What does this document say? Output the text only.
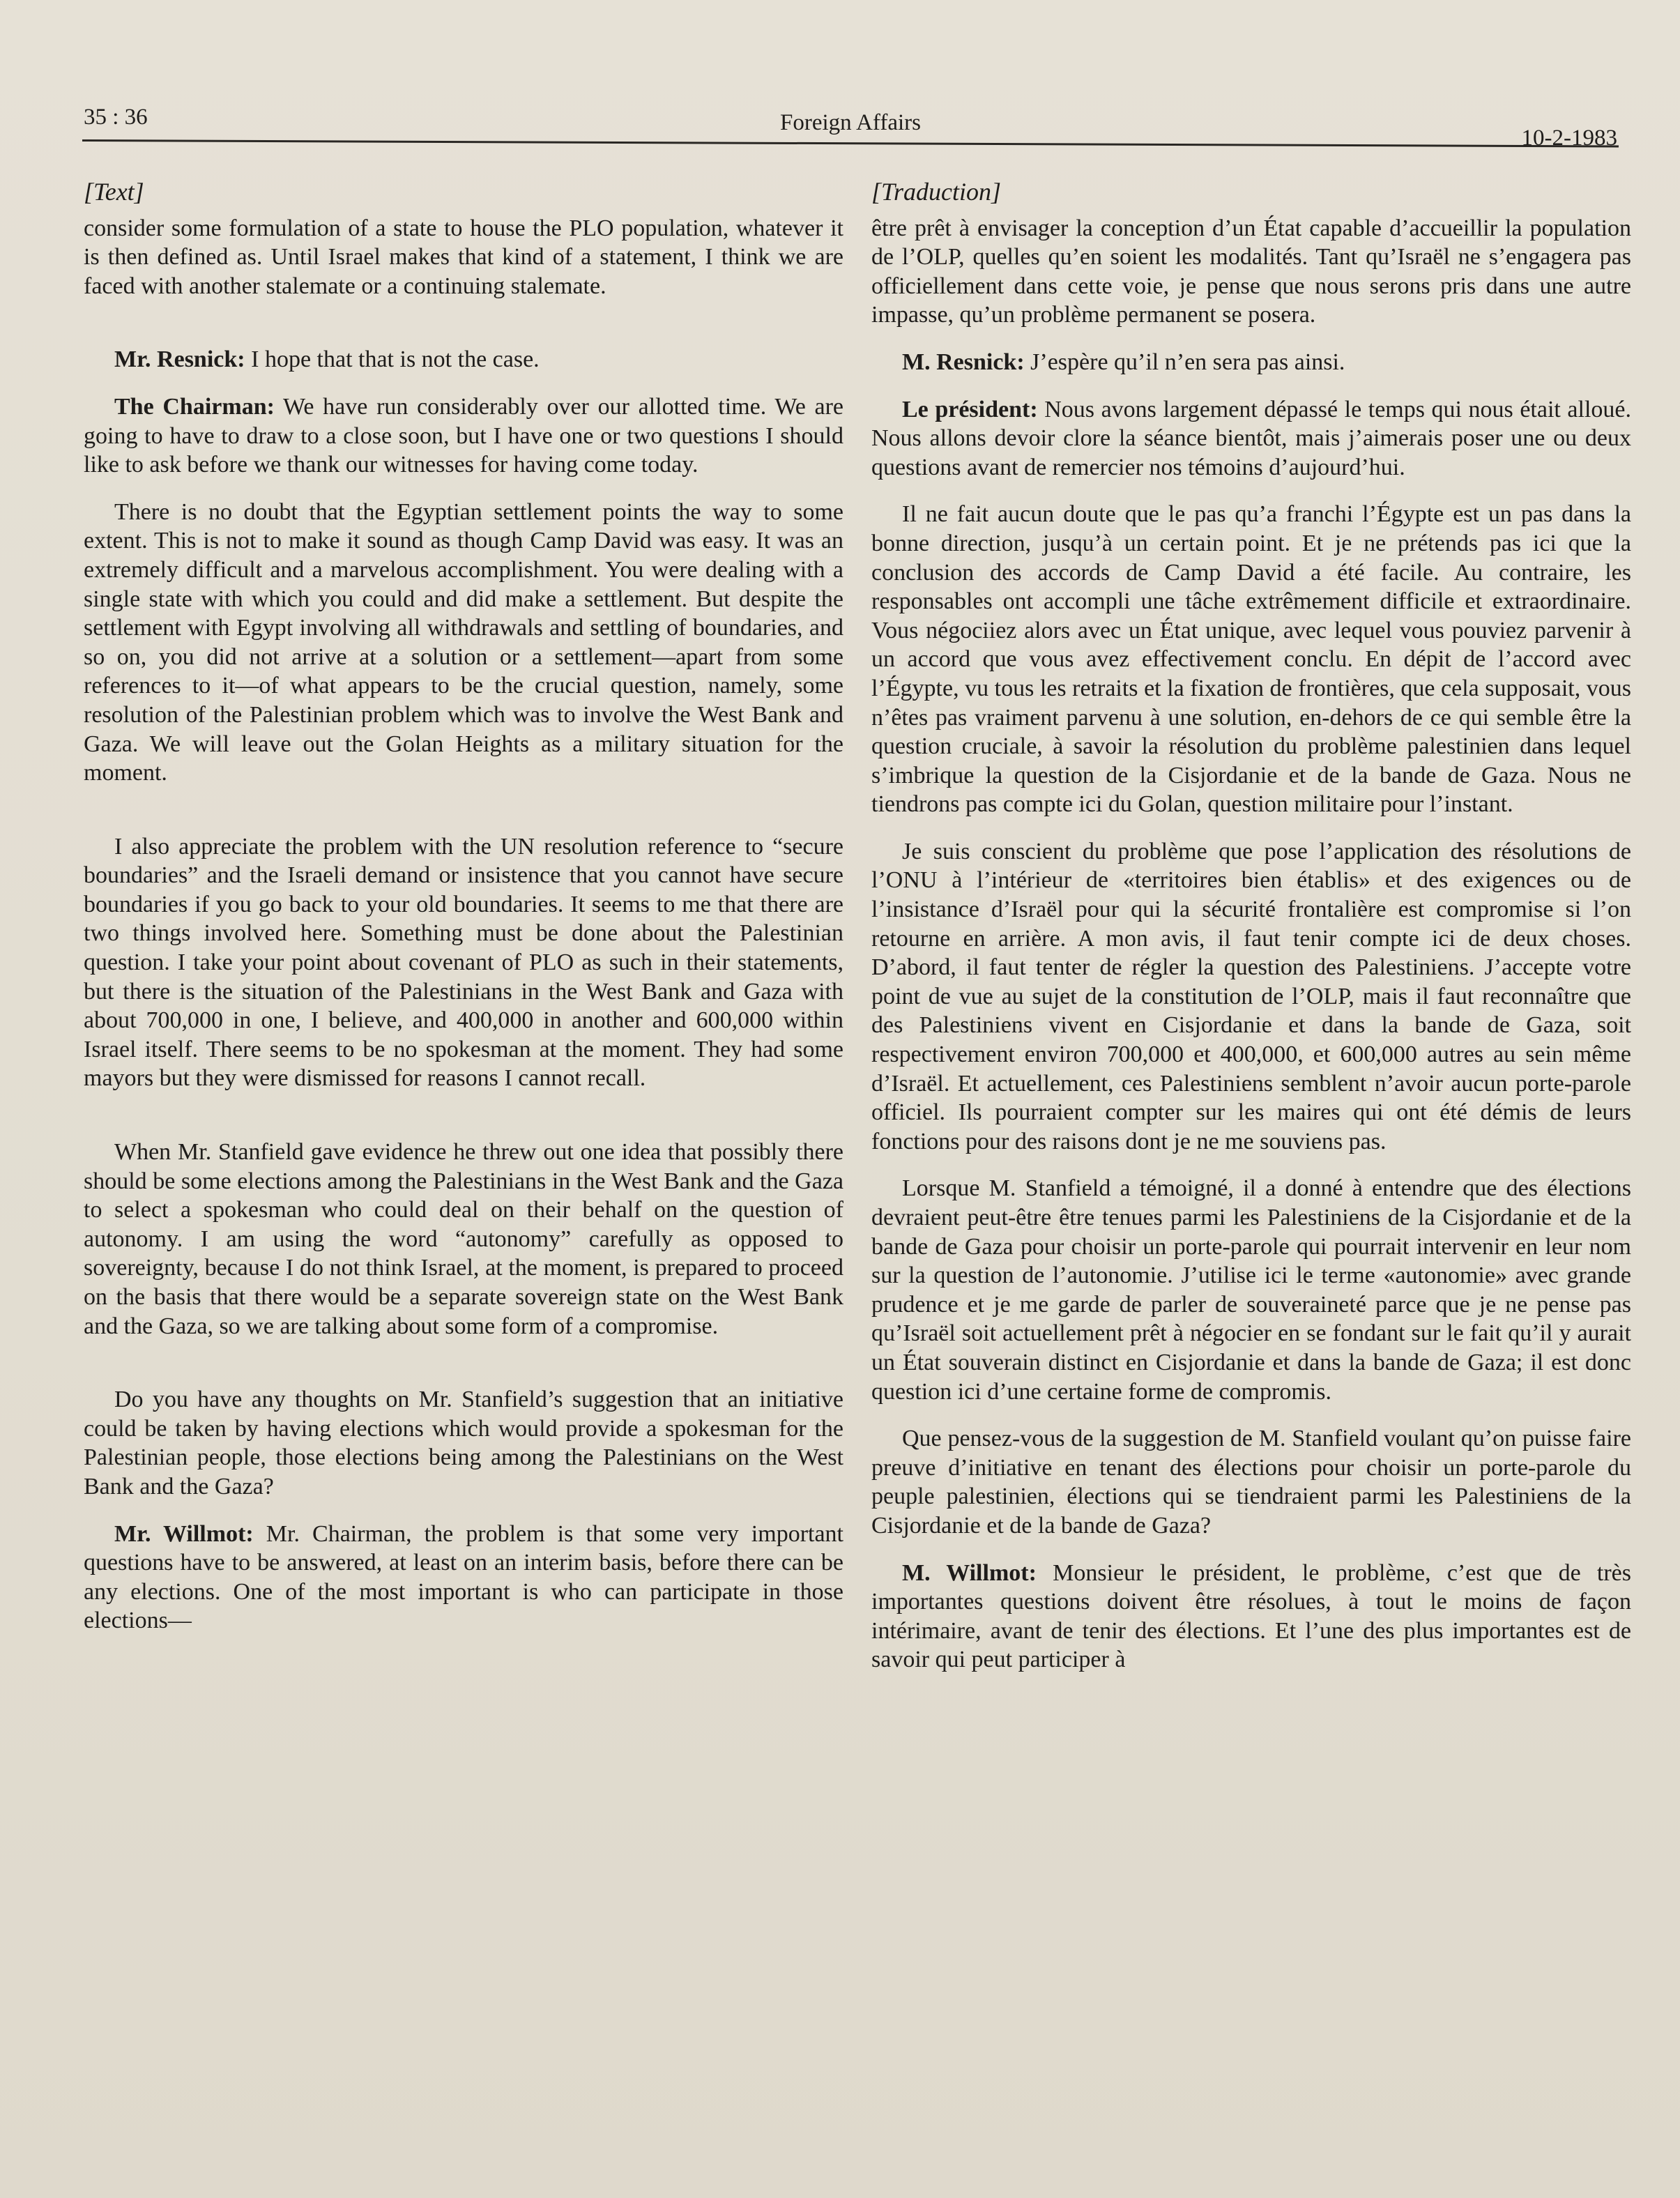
35 : 36	Foreign Affairs
10-2-1983

[Text]

consider some formulation of a state to house the PLO population, whatever it is then defined as. Until Israel makes that kind of a statement, I think we are faced with another stalemate or a continuing stalemate.

Mr. Resnick: I hope that that is not the case.

The Chairman: We have run considerably over our allotted time. We are going to have to draw to a close soon, but I have one or two questions I should like to ask before we thank our witnesses for having come today.

There is no doubt that the Egyptian settlement points the way to some extent. This is not to make it sound as though Camp David was easy. It was an extremely difficult and a marvelous accomplishment. You were dealing with a single state with which you could and did make a settlement. But despite the settlement with Egypt involving all withdrawals and settling of boundaries, and so on, you did not arrive at a solution or a settlement—apart from some references to it—of what appears to be the crucial question, namely, some resolution of the Palestinian problem which was to involve the West Bank and Gaza. We will leave out the Golan Heights as a military situation for the moment.

I also appreciate the problem with the UN resolution reference to “secure boundaries” and the Israeli demand or insistence that you cannot have secure boundaries if you go back to your old boundaries. It seems to me that there are two things involved here. Something must be done about the Palestinian question. I take your point about covenant of PLO as such in their statements, but there is the situation of the Palestinians in the West Bank and Gaza with about 700,000 in one, I believe, and 400,000 in another and 600,000 within Israel itself. There seems to be no spokesman at the moment. They had some mayors but they were dismissed for reasons I cannot recall.

When Mr. Stanfield gave evidence he threw out one idea that possibly there should be some elections among the Palestinians in the West Bank and the Gaza to select a spokesman who could deal on their behalf on the question of autonomy. I am using the word “autonomy” carefully as opposed to sovereignty, because I do not think Israel, at the moment, is prepared to proceed on the basis that there would be a separate sovereign state on the West Bank and the Gaza, so we are talking about some form of a compromise.

Do you have any thoughts on Mr. Stanfield’s suggestion that an initiative could be taken by having elections which would provide a spokesman for the Palestinian people, those elections being among the Palestinians on the West Bank and the Gaza?

Mr. Willmot: Mr. Chairman, the problem is that some very important questions have to be answered, at least on an interim basis, before there can be any elections. One of the most important is who can participate in those elections—

[Traduction]

être prêt à envisager la conception d’un État capable d’accueillir la population de l’OLP, quelles qu’en soient les modalités. Tant qu’Israël ne s’engagera pas officiellement dans cette voie, je pense que nous serons pris dans une autre impasse, qu’un problème permanent se posera.

M. Resnick: J’espère qu’il n’en sera pas ainsi.

Le président: Nous avons largement dépassé le temps qui nous était alloué. Nous allons devoir clore la séance bientôt, mais j’aimerais poser une ou deux questions avant de remercier nos témoins d’aujourd’hui.

Il ne fait aucun doute que le pas qu’a franchi l’Égypte est un pas dans la bonne direction, jusqu’à un certain point. Et je ne prétends pas ici que la conclusion des accords de Camp David a été facile. Au contraire, les responsables ont accompli une tâche extrêmement difficile et extraordinaire. Vous négociiez alors avec un État unique, avec lequel vous pouviez parvenir à un accord que vous avez effectivement conclu. En dépit de l’accord avec l’Égypte, vu tous les retraits et la fixation de frontières, que cela supposait, vous n’êtes pas vraiment parvenu à une solution, en-dehors de ce qui semble être la question cruciale, à savoir la résolution du problème palestinien dans lequel s’imbrique la question de la Cisjordanie et de la bande de Gaza. Nous ne tiendrons pas compte ici du Golan, question militaire pour l’instant.

Je suis conscient du problème que pose l’application des résolutions de l’ONU à l’intérieur de «territoires bien établis» et des exigences ou de l’insistance d’Israël pour qui la sécurité frontalière est compromise si l’on retourne en arrière. A mon avis, il faut tenir compte ici de deux choses. D’abord, il faut tenter de régler la question des Palestiniens. J’accepte votre point de vue au sujet de la constitution de l’OLP, mais il faut reconnaître que des Palestiniens vivent en Cisjordanie et dans la bande de Gaza, soit respectivement environ 700,000 et 400,000, et 600,000 autres au sein même d’Israël. Et actuellement, ces Palestiniens semblent n’avoir aucun porte-parole officiel. Ils pourraient compter sur les maires qui ont été démis de leurs fonctions pour des raisons dont je ne me souviens pas.

Lorsque M. Stanfield a témoigné, il a donné à entendre que des élections devraient peut-être être tenues parmi les Palestiniens de la Cisjordanie et de la bande de Gaza pour choisir un porte-parole qui pourrait intervenir en leur nom sur la question de l’autonomie. J’utilise ici le terme «autonomie» avec grande prudence et je me garde de parler de souveraineté parce que je ne pense pas qu’Israël soit actuellement prêt à négocier en se fondant sur le fait qu’il y aurait un État souverain distinct en Cisjordanie et dans la bande de Gaza; il est donc question ici d’une certaine forme de compromis.

Que pensez-vous de la suggestion de M. Stanfield voulant qu’on puisse faire preuve d’initiative en tenant des élections pour choisir un porte-parole du peuple palestinien, élections qui se tiendraient parmi les Palestiniens de la Cisjordanie et de la bande de Gaza?

M. Willmot: Monsieur le président, le problème, c’est que de très importantes questions doivent être résolues, à tout le moins de façon intérimaire, avant de tenir des élections. Et l’une des plus importantes est de savoir qui peut participer à
